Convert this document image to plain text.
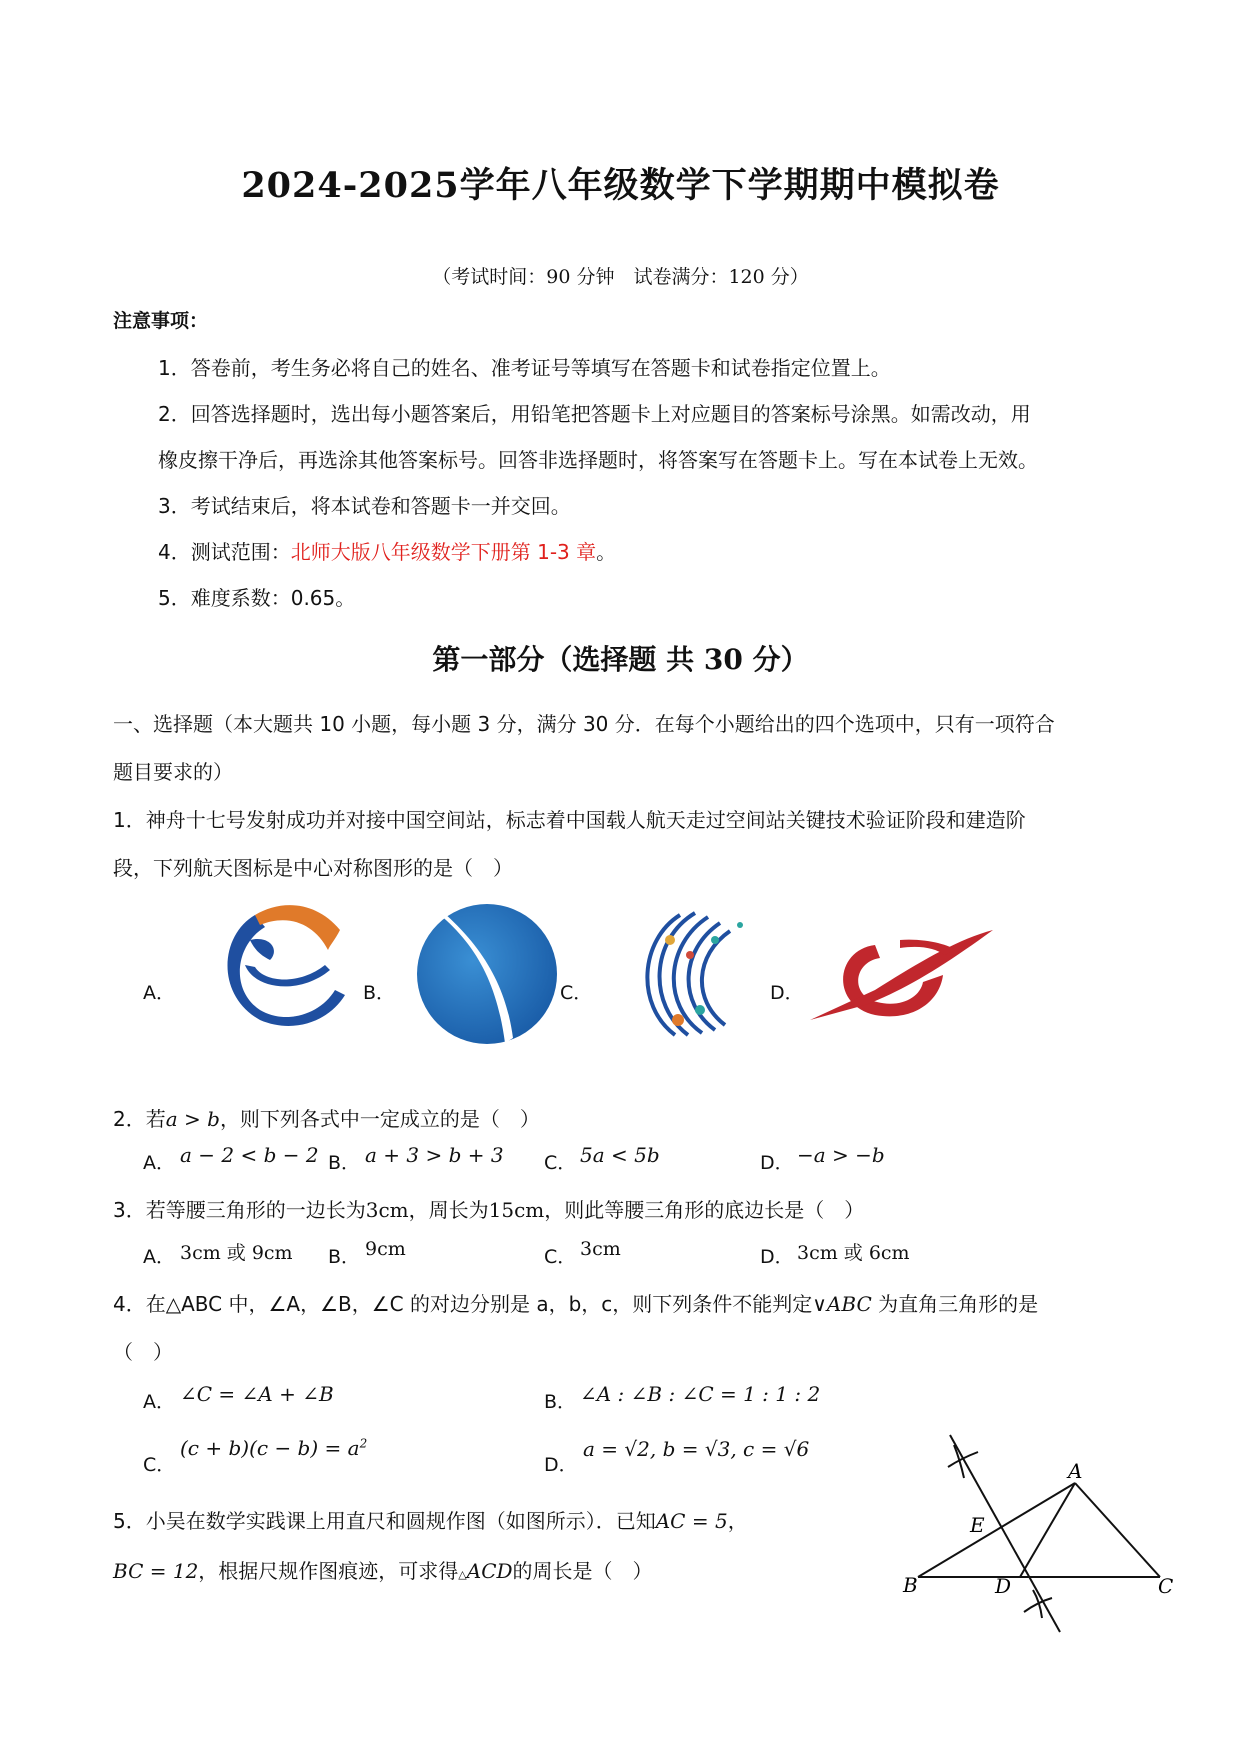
2024-2025学年八年级数学下学期期中模拟卷
（考试时间：90 分钟　试卷满分：120 分）
注意事项：
1．答卷前，考生务必将自己的姓名、准考证号等填写在答题卡和试卷指定位置上。
2．回答选择题时，选出每小题答案后，用铅笔把答题卡上对应题目的答案标号涂黑。如需改动，用
橡皮擦干净后，再选涂其他答案标号。回答非选择题时，将答案写在答题卡上。写在本试卷上无效。
3．考试结束后，将本试卷和答题卡一并交回。
4．测试范围：北师大版八年级数学下册第 1-3 章。
5．难度系数：0.65。
第一部分（选择题 共 30 分）
一、选择题（本大题共 10 小题，每小题 3 分，满分 30 分．在每个小题给出的四个选项中，只有一项符合
题目要求的）
1．神舟十七号发射成功并对接中国空间站，标志着中国载人航天走过空间站关键技术验证阶段和建造阶
段，下列航天图标是中心对称图形的是（　）
A．	B．	C．	D．
2．若a > b，则下列各式中一定成立的是（　）
A． a − 2 < b − 2 B． a + 3 > b + 3 C． 5a < 5b	D． −a > −b
3．若等腰三角形的一边长为3cm，周长为15cm，则此等腰三角形的底边长是（　）
A． 3cm 或 9cm B． 9cm	C． 3cm	D． 3cm 或 6cm
4．在△ABC 中，∠A，∠B，∠C 的对边分别是 a，b，c，则下列条件不能判定∨ABC 为直角三角形的是
（　）
A． ∠C = ∠A + ∠B	B． ∠A : ∠B : ∠C = 1 : 1 : 2
C．
$(c + b)(c - b) = a^2$
D．
a = √2, b = √3, c = √6
5．小吴在数学实践课上用直尺和圆规作图（如图所示）．已知AC = 5，
BC = 12，根据尺规作图痕迹，可求得△ACD的周长是（　）
A
E
B	D	C
